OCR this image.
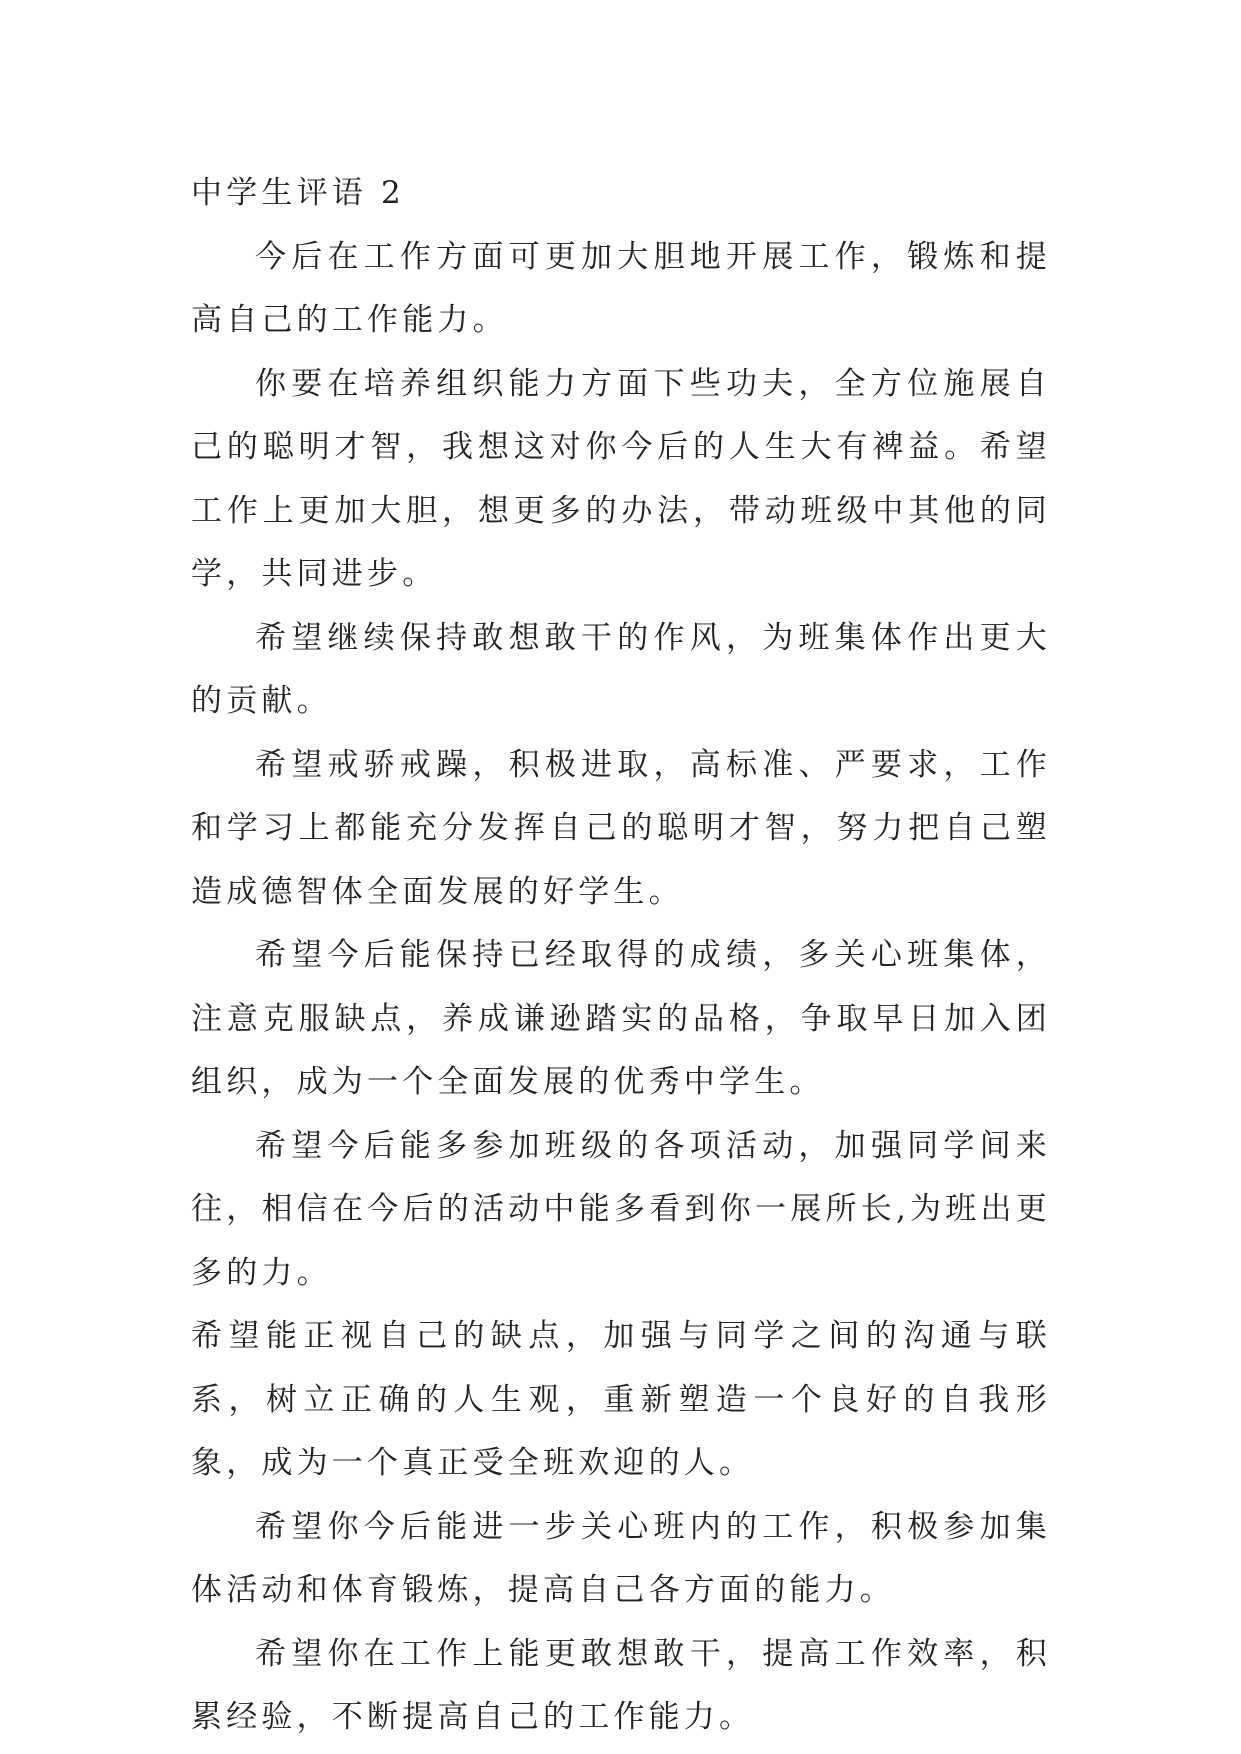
中学生评语 2

今后在工作方面可更加大胆地开展工作，锻炼和提高自己的工作能力。

你要在培养组织能力方面下些功夫，全方位施展自己的聪明才智，我想这对你今后的人生大有裨益。希望工作上更加大胆，想更多的办法，带动班级中其他的同学，共同进步。

希望继续保持敢想敢干的作风，为班集体作出更大的贡献。

希望戒骄戒躁，积极进取，高标准、严要求，工作和学习上都能充分发挥自己的聪明才智，努力把自己塑造成德智体全面发展的好学生。

希望今后能保持已经取得的成绩，多关心班集体，注意克服缺点，养成谦逊踏实的品格，争取早日加入团组织，成为一个全面发展的优秀中学生。

希望今后能多参加班级的各项活动，加强同学间来往，相信在今后的活动中能多看到你一展所长,为班出更多的力。

希望能正视自己的缺点，加强与同学之间的沟通与联系，树立正确的人生观，重新塑造一个良好的自我形象，成为一个真正受全班欢迎的人。

希望你今后能进一步关心班内的工作，积极参加集体活动和体育锻炼，提高自己各方面的能力。

希望你在工作上能更敢想敢干，提高工作效率，积累经验，不断提高自己的工作能力。
